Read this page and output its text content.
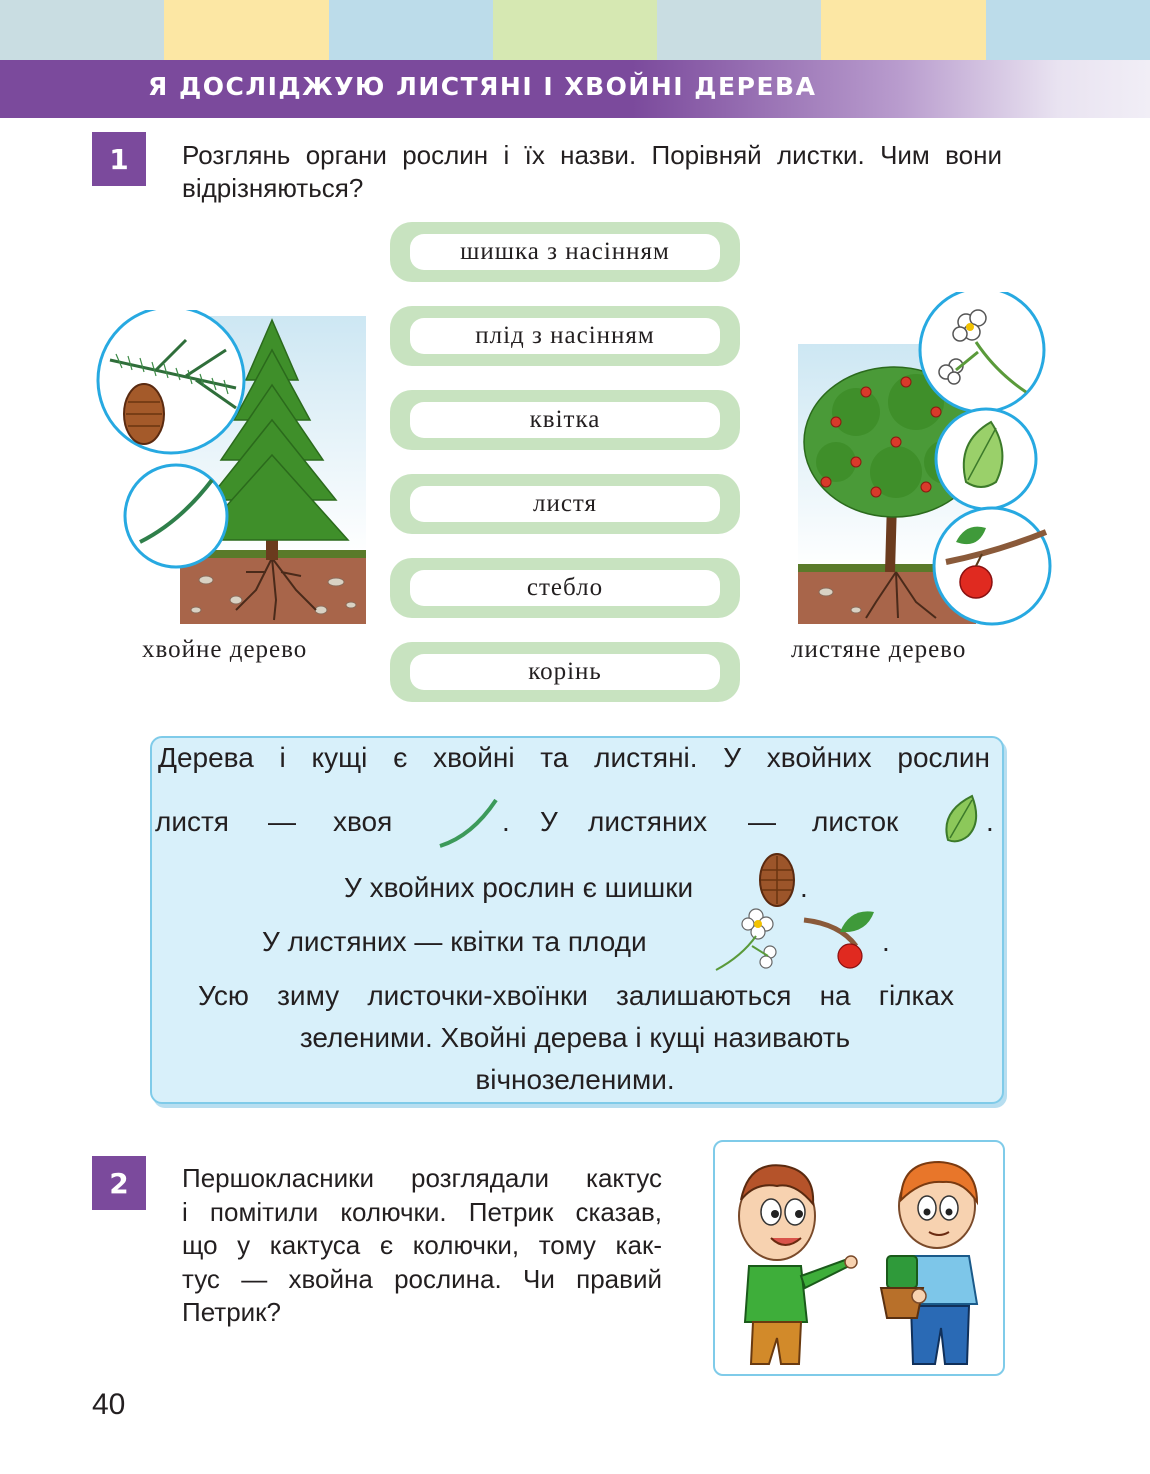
Я ДОСЛІДЖУЮ ЛИСТЯНІ І ХВОЙНІ ДЕРЕВА
1	Розглянь органи рослин і їх назви. Порівняй листки. Чим вони відрізняються?
шишка з насінням
плід з насінням
квітка
листя
стебло
корінь
хвойне дерево	листяне дерево
Дерева і кущі є хвойні та листяні. У хвойних рослин
листя — хвоя	. У листяних — листок	.
У хвойних рослин є шишки	.
У листяних — квітки та плоди	.
Усю зиму листочки-хвоїнки залишаються на гілках
зеленими. Хвойні дерева і кущі називають
вічнозеленими.
2	Першокласники розглядали кактус
і помітили колючки. Петрик сказав,
що у кактуса є колючки, тому как-
тус — хвойна рослина. Чи правий
Петрик?
40
